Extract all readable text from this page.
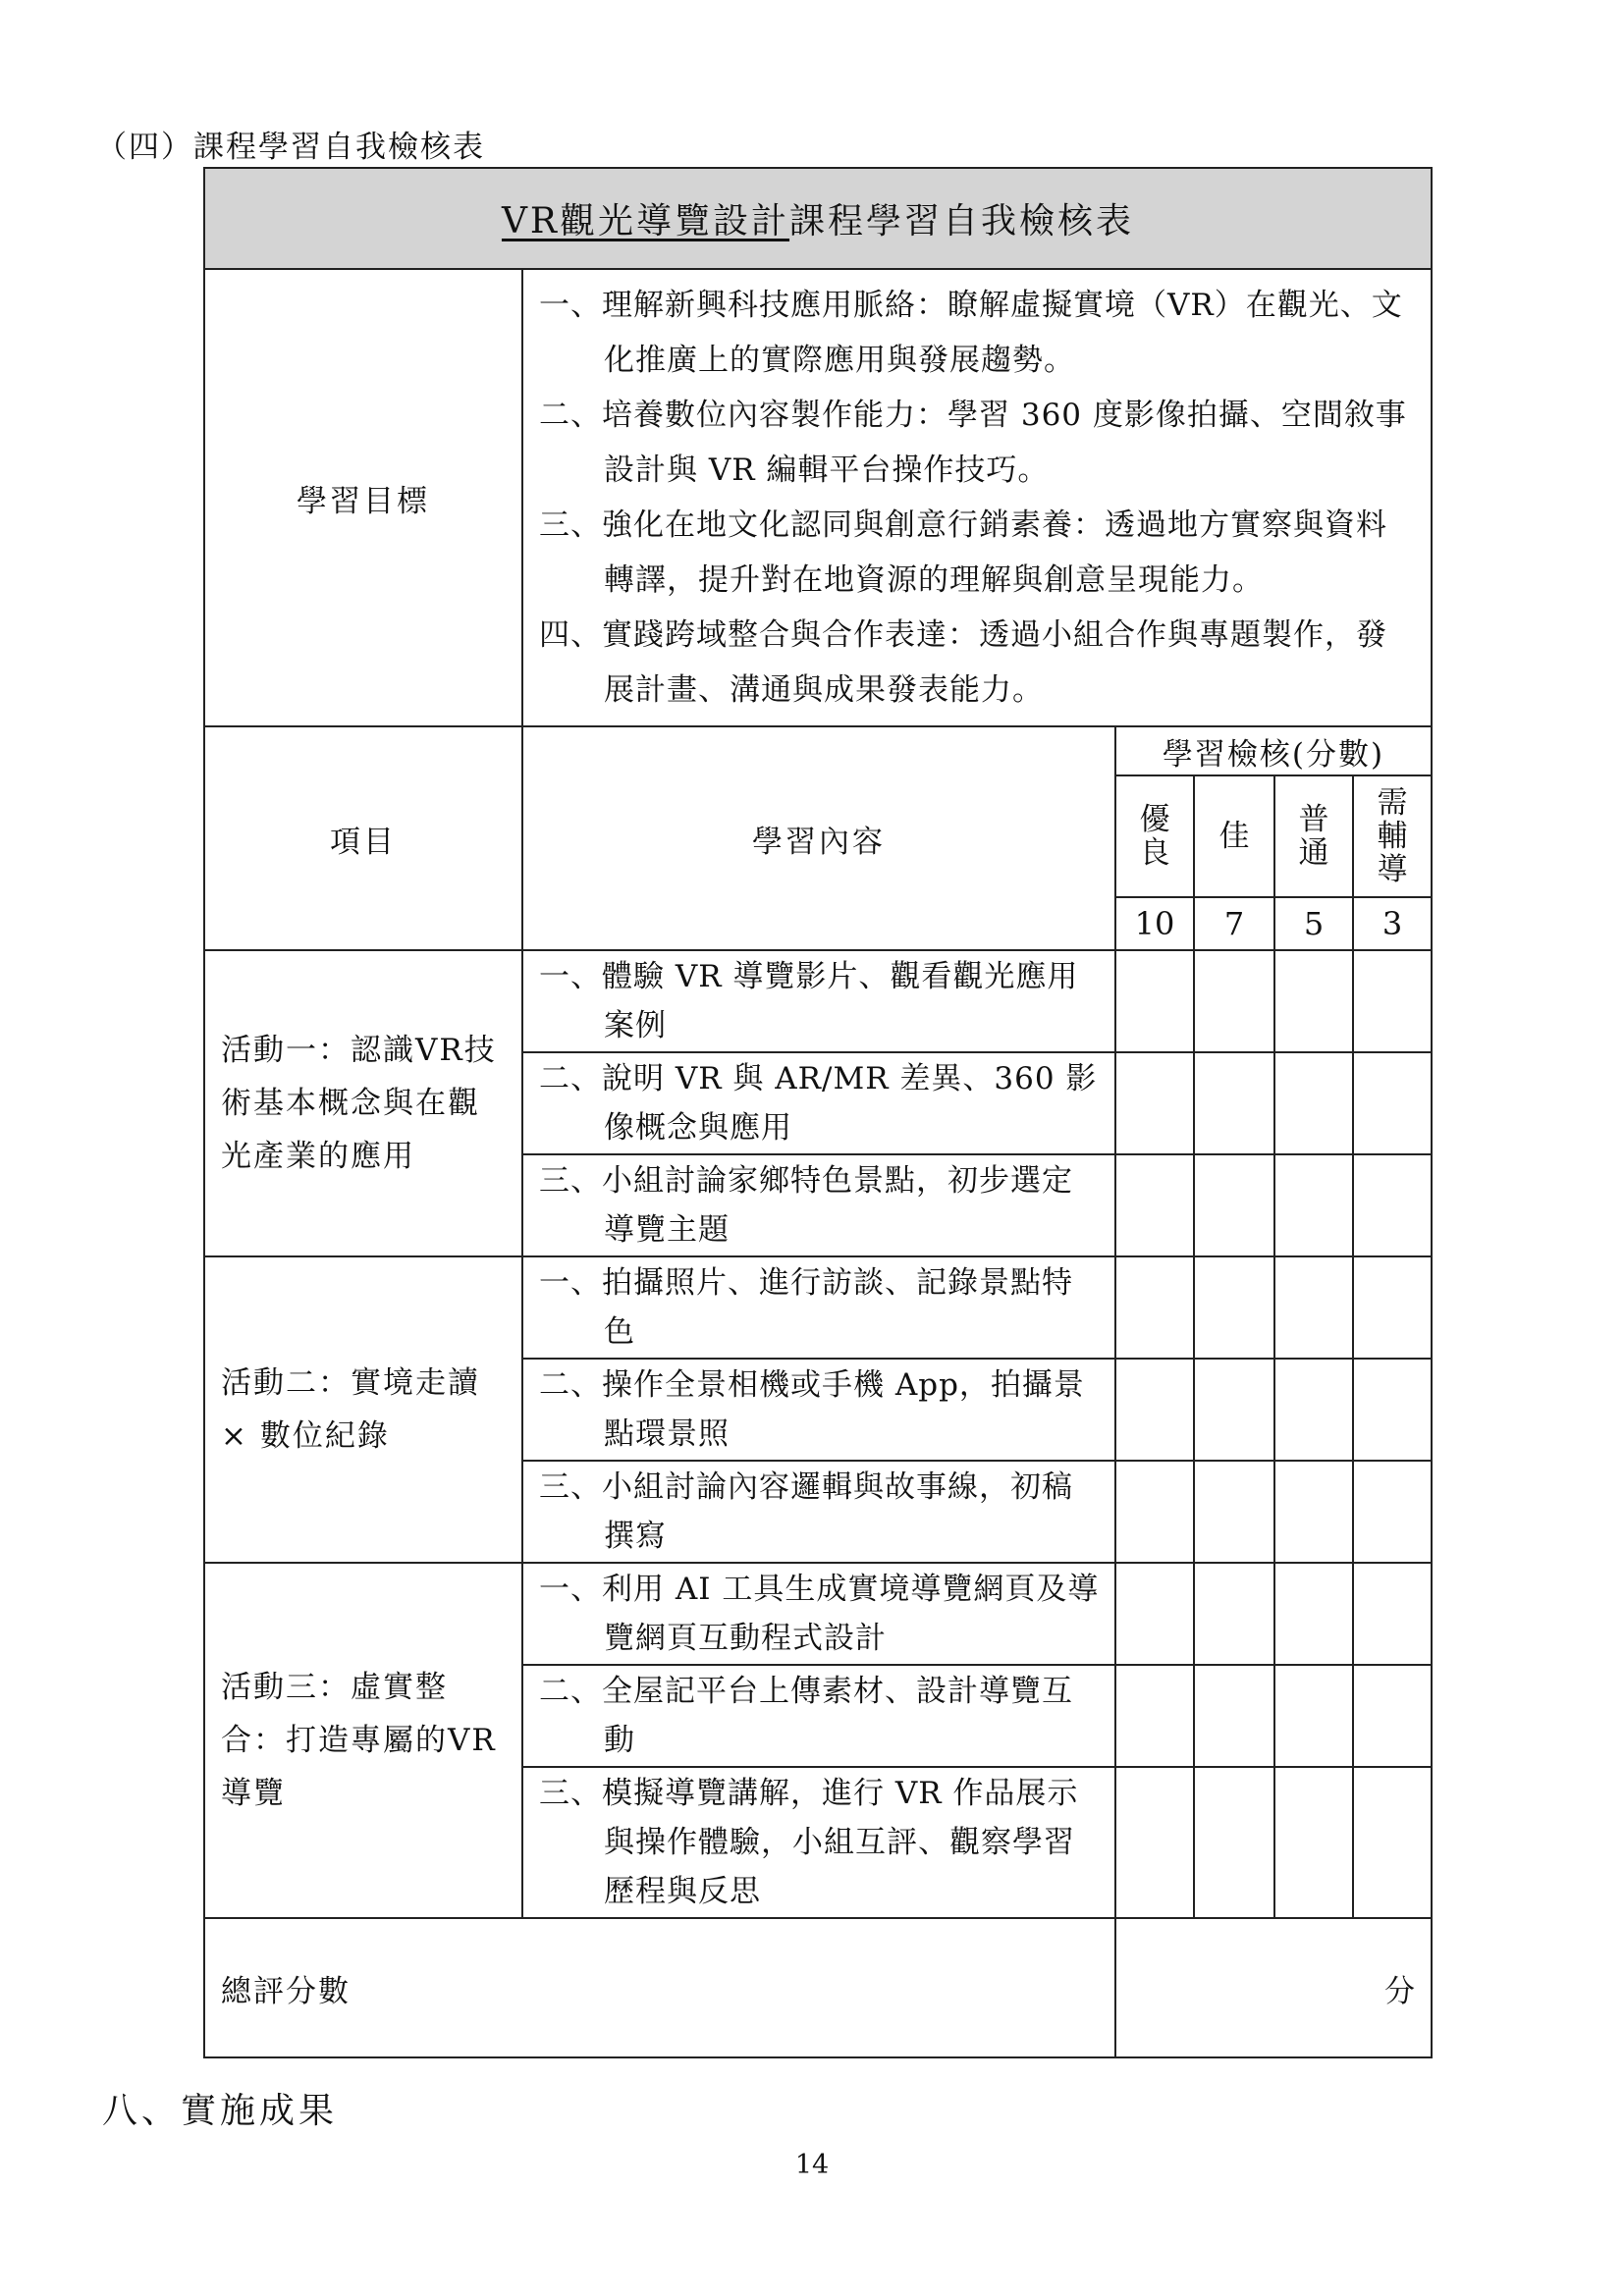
（四）課程學習自我檢核表
VR觀光導覽設計課程學習自我檢核表					
學習目標	一、理解新興科技應用脈絡：瞭解虛擬實境（VR）在觀光、文化推廣上的實際應用與發展趨勢。
二、培養數位內容製作能力：學習 360 度影像拍攝、空間敘事設計與 VR 編輯平台操作技巧。
三、強化在地文化認同與創意行銷素養：透過地方實察與資料轉譯，提升對在地資源的理解與創意呈現能力。
四、實踐跨域整合與合作表達：透過小組合作與專題製作，發展計畫、溝通與成果發表能力。				

項目	學習內容	學習檢核(分數)			
		優良	佳	普通	需輔導
		10	7	5	3
活動一：認識VR技術基本概念與在觀光產業的應用	一、體驗 VR 導覽影片、觀看觀光應用案例				

	二、說明 VR 與 AR/MR 差異、360 影像概念與應用				

	三、小組討論家鄉特色景點，初步選定導覽主題				

活動二：實境走讀 × 數位紀錄	一、拍攝照片、進行訪談、記錄景點特色				

	二、操作全景相機或手機 App，拍攝景點環景照				

	三、小組討論內容邏輯與故事線，初稿撰寫				

活動三：虛實整合：打造專屬的VR導覽	一、利用 AI 工具生成實境導覽網頁及導覽網頁互動程式設計				

	二、全屋記平台上傳素材、設計導覽互動				

	三、模擬導覽講解，進行 VR 作品展示與操作體驗，小組互評、觀察學習歷程與反思				

總評分數		分			
八、實施成果
14
